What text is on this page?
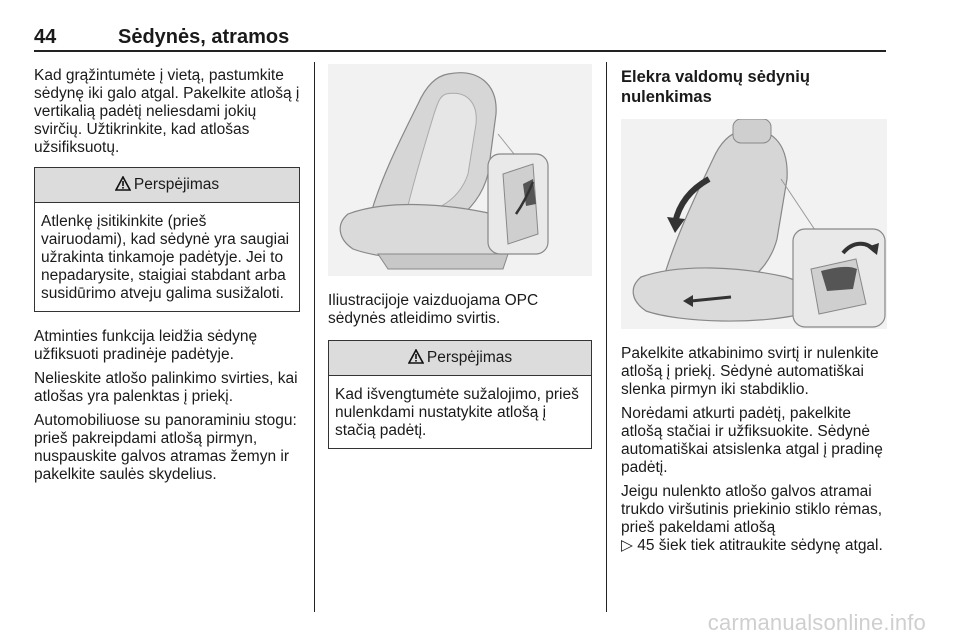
44	Sėdynės, atramos

Kad grąžintumėte į vietą, pastumkite sėdynę iki galo atgal. Pakelkite atlošą į vertikalią padėtį neliesdami jokių svirčių. Užtikrinkite, kad atlošas užsifiksuotų.

Perspėjimas
Atlenkę įsitikinkite (prieš vairuodami), kad sėdynė yra saugiai užrakinta tinkamoje padėtyje. Jei to nepadarysite, staigiai stabdant arba susidūrimo atveju galima susižaloti.

Atminties funkcija leidžia sėdynę užfiksuoti pradinėje padėtyje.

Nelieskite atlošo palinkimo svirties, kai atlošas yra palenktas į priekį.

Automobiliuose su panoraminiu stogu: prieš pakreipdami atlošą pirmyn, nuspauskite galvos atramas žemyn ir pakelkite saulės skydelius.

Iliustracijoje vaizduojama OPC sėdynės atleidimo svirtis.

Perspėjimas
Kad išvengtumėte sužalojimo, prieš nulenkdami nustatykite atlošą į stačią padėtį.
Elekra valdomų sėdynių nulenkimas

Pakelkite atkabinimo svirtį ir nulenkite atlošą į priekį. Sėdynė automatiškai slenka pirmyn iki stabdiklio.

Norėdami atkurti padėtį, pakelkite atlošą stačiai ir užfiksuokite. Sėdynė automatiškai atsislenka atgal į pradinę padėtį.

Jeigu nulenkto atlošo galvos atramai trukdo viršutinis priekinio stiklo rėmas, prieš pakeldami atlošą
▷ 45 šiek tiek atitraukite sėdynę atgal.

carmanualsonline.info
